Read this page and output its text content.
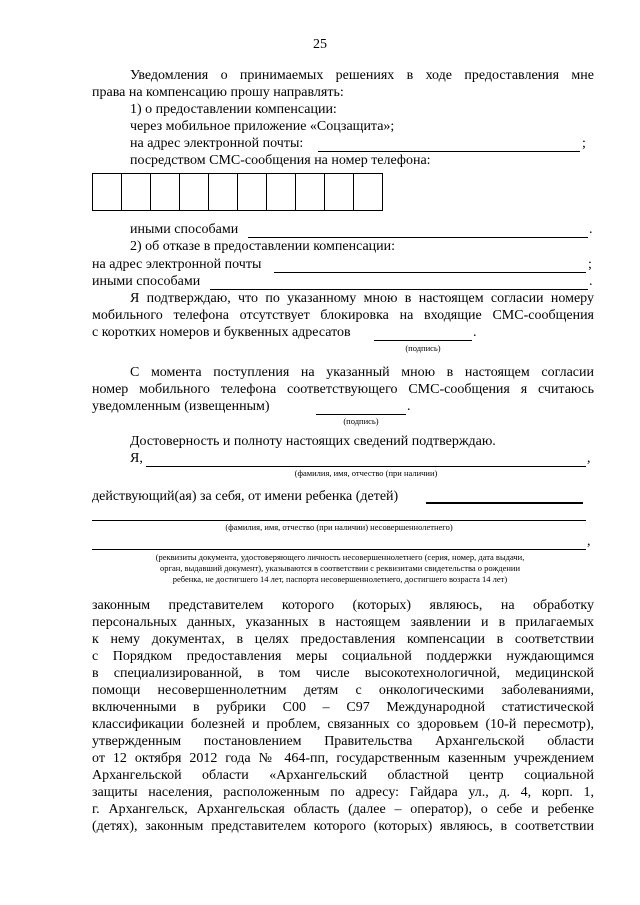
25
Уведомления о принимаемых решениях в ходе предоставления мне
права на компенсацию прошу направлять:
1) о предоставлении компенсации:
через мобильное приложение «Соцзащита»;
на адрес электронной почты:	;
посредством СМС-сообщения на номер телефона:
иными способами	.
2) об отказе в предоставлении компенсации:
на адрес электронной почты	;
иными способами	.
Я подтверждаю, что по указанному мною в настоящем согласии номеру
мобильного телефона отсутствует блокировка на входящие СМС-сообщения
с коротких номеров и буквенных адресатов	.
(подпись)
С момента поступления на указанный мною в настоящем согласии
номер мобильного телефона соответствующего СМС-сообщения я считаюсь
уведомленным (извещенным)	.
(подпись)
Достоверность и полноту настоящих сведений подтверждаю.
Я,	,
(фамилия, имя, отчество (при наличии)
действующий(ая) за себя, от имени ребенка (детей)
(фамилия, имя, отчество (при наличии) несовершеннолетнего)
,
(реквизиты документа, удостоверяющего личность несовершеннолетнего (серия, номер, дата выдачи,
орган, выдавший документ), указываются в соответствии с реквизитами свидетельства о рождении
ребенка, не достигшего 14 лет, паспорта несовершеннолетнего, достигшего возраста 14 лет)
законным представителем которого (которых) являюсь, на обработку
персональных данных, указанных в настоящем заявлении и в прилагаемых
к нему документах, в целях предоставления компенсации в соответствии
с Порядком предоставления меры социальной поддержки нуждающимся
в специализированной, в том числе высокотехнологичной, медицинской
помощи несовершеннолетним детям с онкологическими заболеваниями,
включенными в рубрики С00 – С97 Международной статистической
классификации болезней и проблем, связанных со здоровьем (10-й пересмотр),
утвержденным постановлением Правительства Архангельской области
от 12 октября 2012 года № 464-пп, государственным казенным учреждением
Архангельской области «Архангельский областной центр социальной
защиты населения, расположенным по адресу: Гайдара ул., д. 4, корп. 1,
г. Архангельск, Архангельская область (далее – оператор), о себе и ребенке
(детях), законным представителем которого (которых) являюсь, в соответствии
